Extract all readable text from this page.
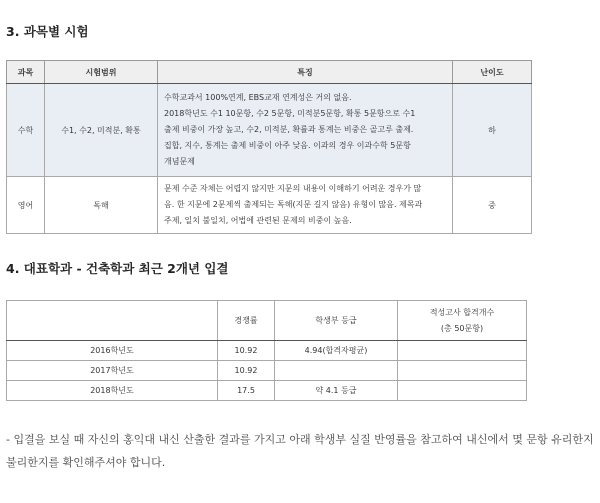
3. 과목별 시험
과목	시험범위	특징	난이도
수학	수1, 수2, 미적분, 확통	수학교과서 100%연계, EBS교재 연계성은 거의 없음.
2018학년도 수1 10문항, 수2 5문항, 미적분5문항, 확통 5문항으로 수1
출제 비중이 가장 높고, 수2, 미적분, 확률과 통계는 비중은 골고루 출제.
집합, 지수, 통계는 출제 비중이 아주 낮음. 이과의 경우 이과수학 5문항
개념문제	하
영어	독해	문제 수준 자체는 어렵지 않지만 지문의 내용이 이해하기 어려운 경우가 많
음. 한 지문에 2문제씩 출제되는 독해(지문 길지 않음) 유형이 많음. 제목과
주제, 일치 불일치, 어법에 관련된 문제의 비중이 높음.	중
4. 대표학과 - 건축학과 최근 2개년 입결
	경쟁률	학생부 등급	적성고사 합격개수
(총 50문항)

2016학년도	10.92	4.94(합격자평균)	
2017학년도	10.92		
2018학년도	17.5	약 4.1 등급	

- 입결을 보실 때 자신의 홍익대 내신 산출한 결과를 가지고 아래 학생부 실질 반영률을 참고하여 내신에서 몇 문항 유리한지 불리한지를 확인해주셔야 합니다.
